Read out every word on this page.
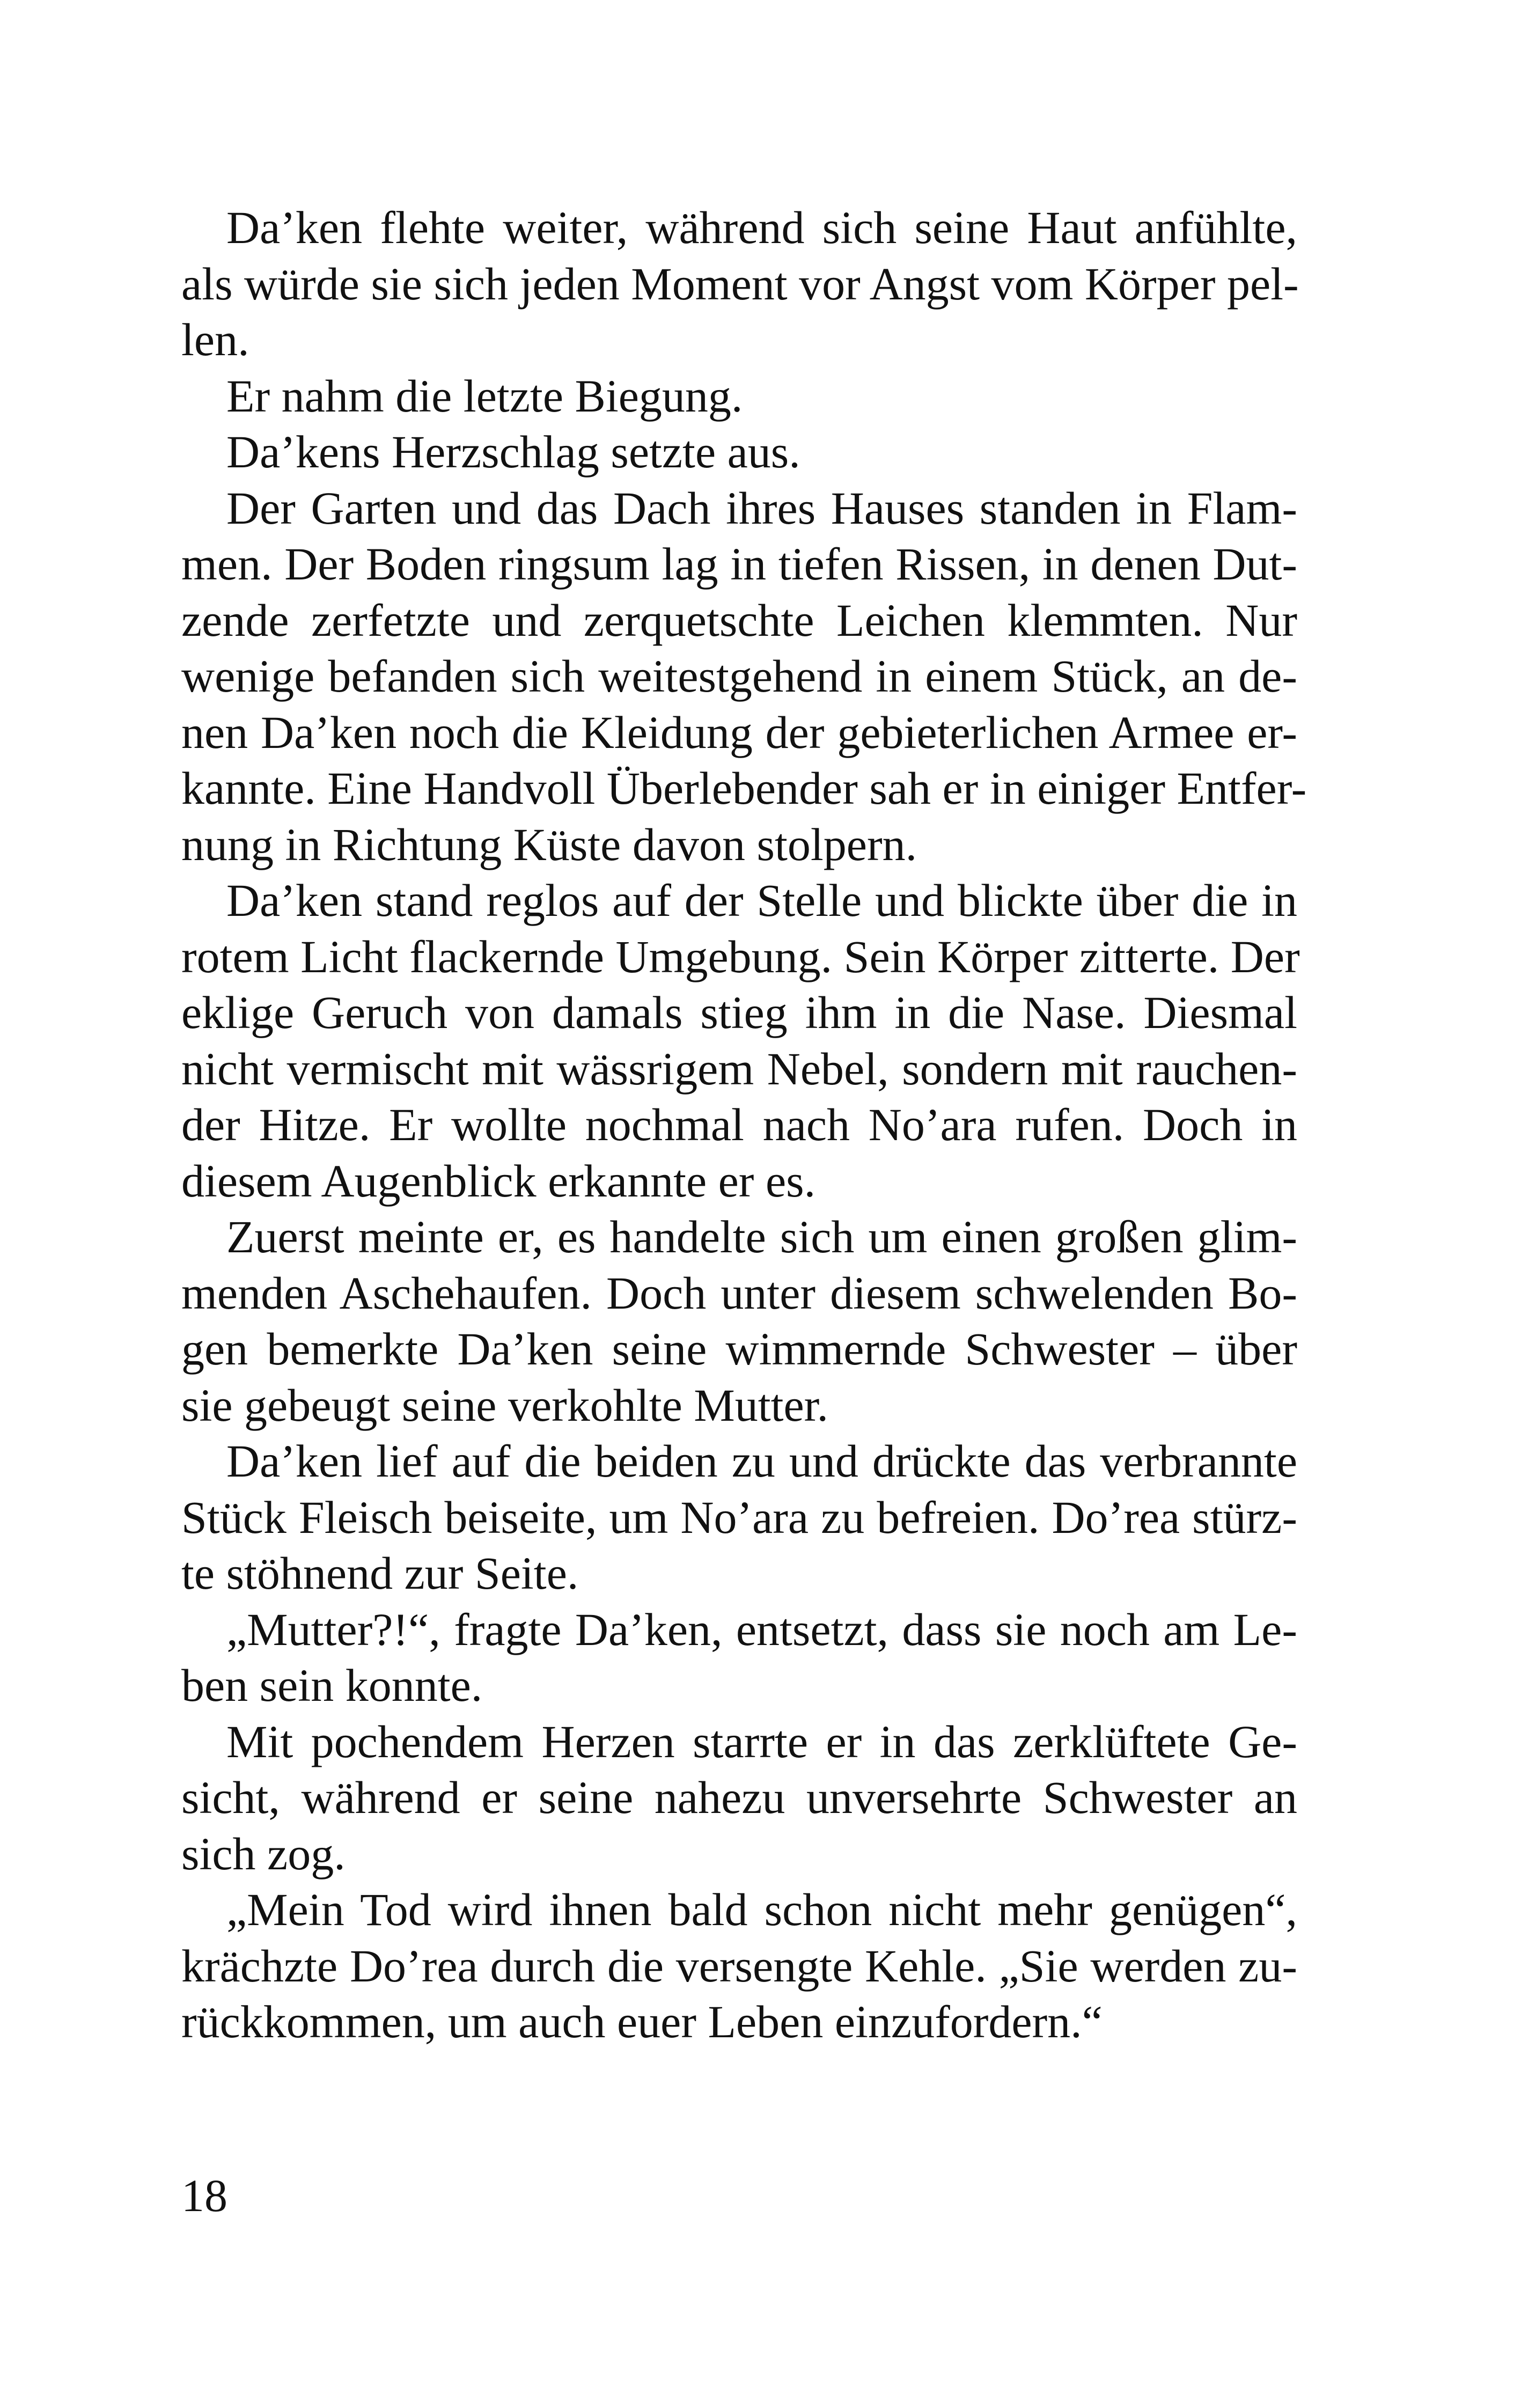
Da’ken flehte weiter, während sich seine Haut anfühlte,
als würde sie sich jeden Moment vor Angst vom Körper pel-
len.
Er nahm die letzte Biegung.
Da’kens Herzschlag setzte aus.
Der Garten und das Dach ihres Hauses standen in Flam-
men. Der Boden ringsum lag in tiefen Rissen, in denen Dut-
zende zerfetzte und zerquetschte Leichen klemmten. Nur
wenige befanden sich weitestgehend in einem Stück, an de-
nen Da’ken noch die Kleidung der gebieterlichen Armee er-
kannte. Eine Handvoll Überlebender sah er in einiger Entfer-
nung in Richtung Küste davon stolpern.
Da’ken stand reglos auf der Stelle und blickte über die in
rotem Licht flackernde Umgebung. Sein Körper zitterte. Der
eklige Geruch von damals stieg ihm in die Nase. Diesmal
nicht vermischt mit wässrigem Nebel, sondern mit rauchen-
der Hitze. Er wollte nochmal nach No’ara rufen. Doch in
diesem Augenblick erkannte er es.
Zuerst meinte er, es handelte sich um einen großen glim-
menden Aschehaufen. Doch unter diesem schwelenden Bo-
gen bemerkte Da’ken seine wimmernde Schwester – über
sie gebeugt seine verkohlte Mutter.
Da’ken lief auf die beiden zu und drückte das verbrannte
Stück Fleisch beiseite, um No’ara zu befreien. Do’rea stürz-
te stöhnend zur Seite.
„Mutter?!“, fragte Da’ken, entsetzt, dass sie noch am Le-
ben sein konnte.
Mit pochendem Herzen starrte er in das zerklüftete Ge-
sicht, während er seine nahezu unversehrte Schwester an
sich zog.
„Mein Tod wird ihnen bald schon nicht mehr genügen“,
krächzte Do’rea durch die versengte Kehle. „Sie werden zu-
rückkommen, um auch euer Leben einzufordern.“
18
